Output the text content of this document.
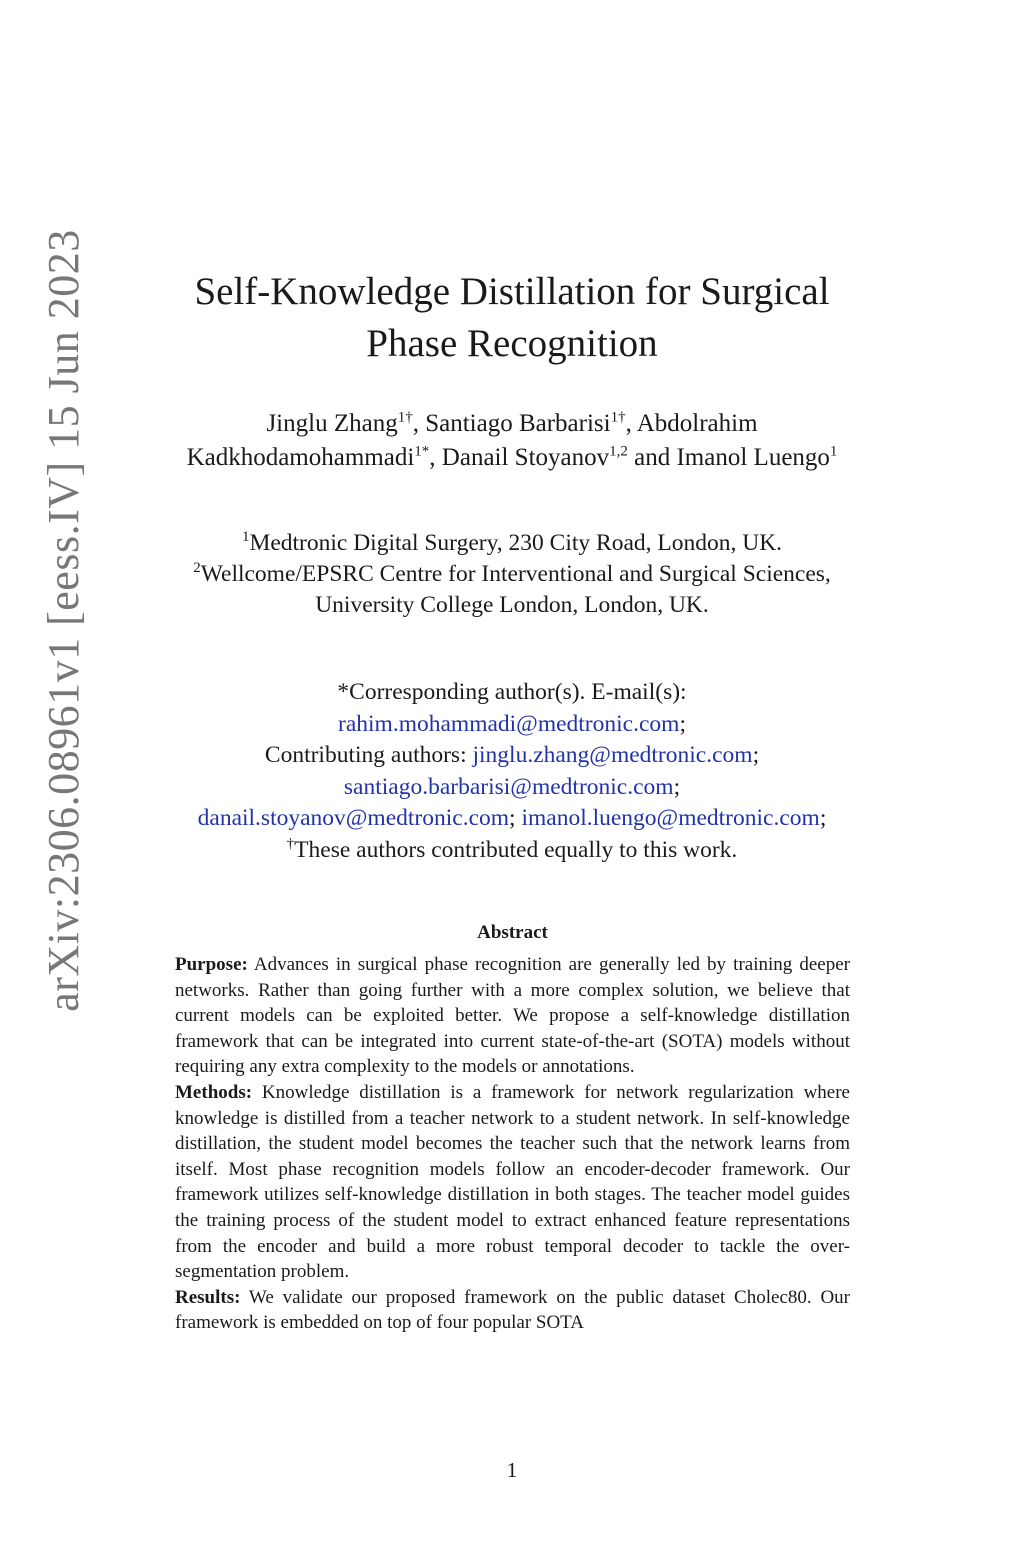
arXiv:2306.08961v1 [eess.IV] 15 Jun 2023	Self-Knowledge Distillation for Surgical
Phase Recognition
Jinglu Zhang$^{1\dagger}$, Santiago Barbarisi$^{1\dagger}$, Abdolrahim Kadkhodamohammadi$^{1*}$, Danail Stoyanov$^{1,2}$ and Imanol Luengo$^1$
$^1$Medtronic Digital Surgery, 230 City Road, London, UK.
$^2$Wellcome/EPSRC Centre for Interventional and Surgical Sciences, University College London, London, UK.
*Corresponding author(s). E-mail(s):
rahim.mohammadi@medtronic.com;
Contributing authors: jinglu.zhang@medtronic.com;
santiago.barbarisi@medtronic.com;
danail.stoyanov@medtronic.com; imanol.luengo@medtronic.com;
†These authors contributed equally to this work.
Abstract

Purpose: Advances in surgical phase recognition are generally led by training deeper networks. Rather than going further with a more complex solution, we believe that current models can be exploited better. We propose a self-knowledge distillation framework that can be integrated into current state-of-the-art (SOTA) models without requiring any extra complexity to the models or annotations.

Methods: Knowledge distillation is a framework for network regularization where knowledge is distilled from a teacher network to a student network. In self-knowledge distillation, the student model becomes the teacher such that the network learns from itself. Most phase recognition models follow an encoder-decoder framework. Our framework utilizes self-knowledge distillation in both stages. The teacher model guides the training process of the student model to extract enhanced feature representations from the encoder and build a more robust temporal decoder to tackle the over-segmentation problem.

Results: We validate our proposed framework on the public dataset Cholec80. Our framework is embedded on top of four popular SOTA

1
